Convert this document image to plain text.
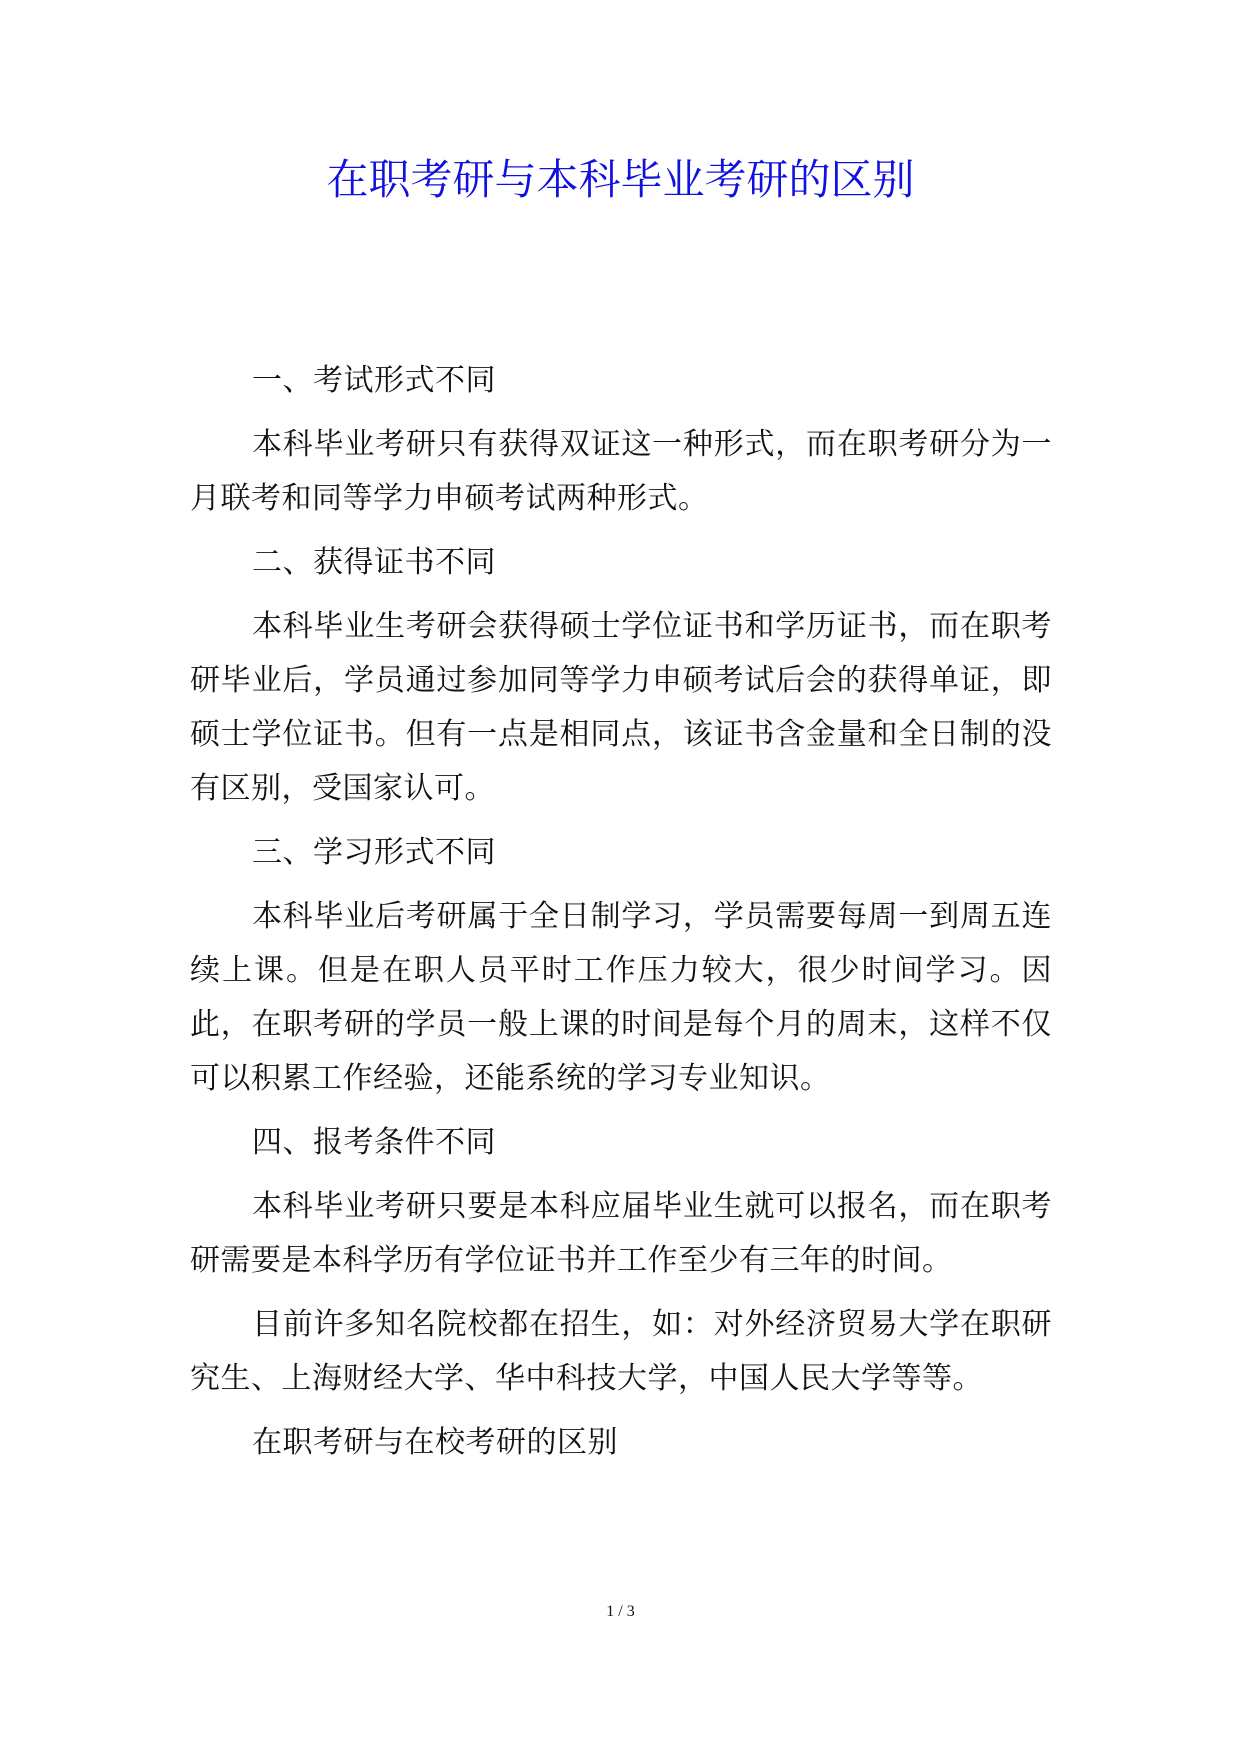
在职考研与本科毕业考研的区别

一、考试形式不同

本科毕业考研只有获得双证这一种形式，而在职考研分为一月联考和同等学力申硕考试两种形式。

二、获得证书不同

本科毕业生考研会获得硕士学位证书和学历证书，而在职考研毕业后，学员通过参加同等学力申硕考试后会的获得单证，即硕士学位证书。但有一点是相同点，该证书含金量和全日制的没有区别，受国家认可。

三、学习形式不同

本科毕业后考研属于全日制学习，学员需要每周一到周五连续上课。但是在职人员平时工作压力较大，很少时间学习。因此，在职考研的学员一般上课的时间是每个月的周末，这样不仅可以积累工作经验，还能系统的学习专业知识。

四、报考条件不同

本科毕业考研只要是本科应届毕业生就可以报名，而在职考研需要是本科学历有学位证书并工作至少有三年的时间。

目前许多知名院校都在招生，如：对外经济贸易大学在职研究生、上海财经大学、华中科技大学，中国人民大学等等。

在职考研与在校考研的区别

1 / 3
